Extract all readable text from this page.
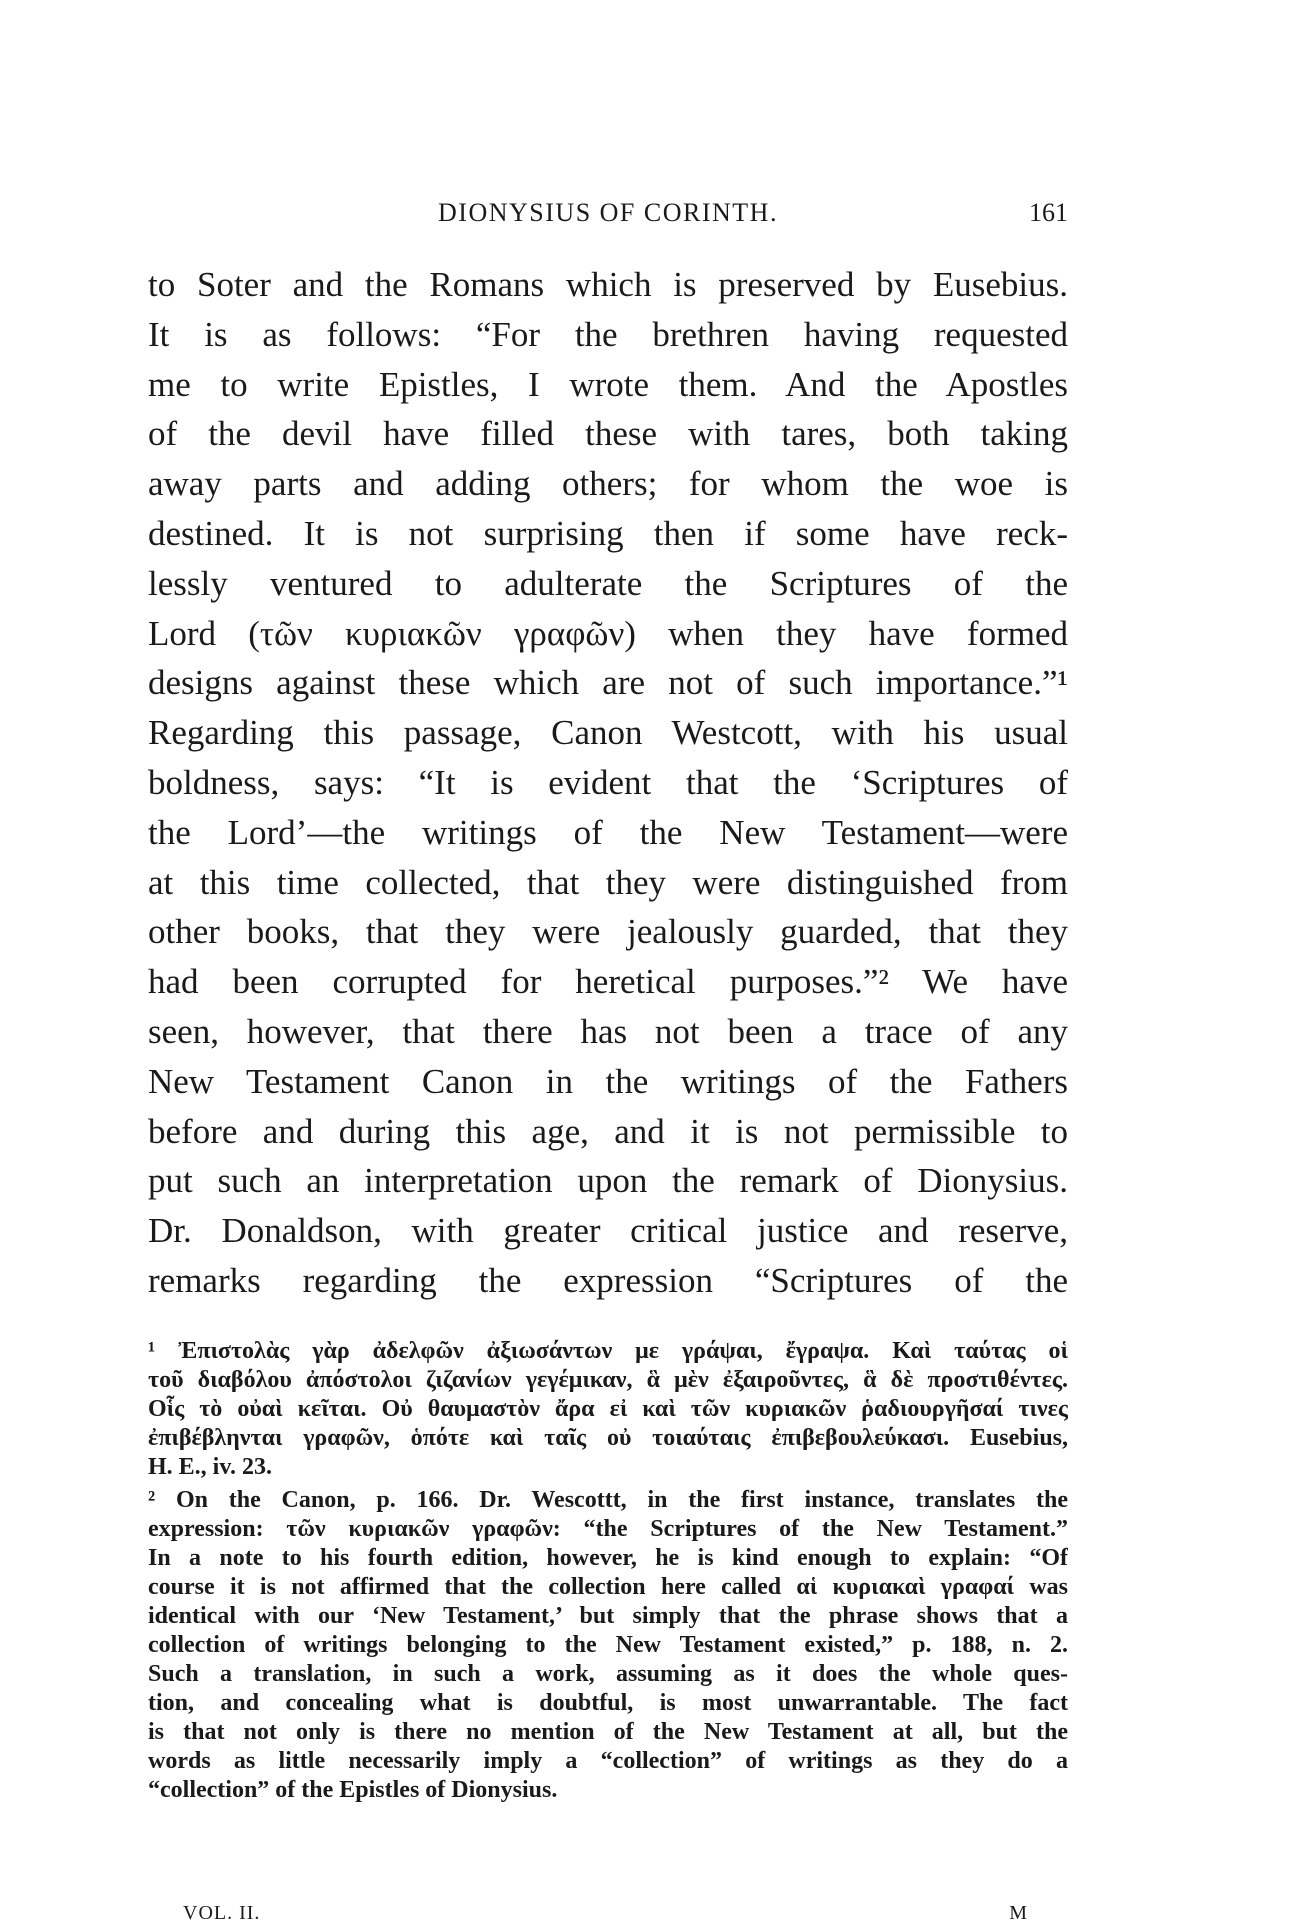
DIONYSIUS OF CORINTH.	161
to Soter and the Romans which is preserved by Eusebius.
It is as follows: “For the brethren having requested
me to write Epistles, I wrote them. And the Apostles
of the devil have filled these with tares, both taking
away parts and adding others; for whom the woe is
destined. It is not surprising then if some have reck-
lessly ventured to adulterate the Scriptures of the
Lord (τῶν κυριακῶν γραφῶν) when they have formed
designs against these which are not of such importance.”¹
Regarding this passage, Canon Westcott, with his usual
boldness, says: “It is evident that the ‘Scriptures of
the Lord’—the writings of the New Testament—were
at this time collected, that they were distinguished from
other books, that they were jealously guarded, that they
had been corrupted for heretical purposes.”² We have
seen, however, that there has not been a trace of any
New Testament Canon in the writings of the Fathers
before and during this age, and it is not permissible to
put such an interpretation upon the remark of Dionysius.
Dr. Donaldson, with greater critical justice and reserve,
remarks regarding the expression “Scriptures of the
¹ Ἐπιστολὰς γὰρ ἀδελφῶν ἀξιωσάντων με γράψαι, ἔγραψα. Καὶ ταύτας οἱ
τοῦ διαβόλου ἀπόστολοι ζιζανίων γεγέμικαν, ἃ μὲν ἐξαιροῦντες, ἃ δὲ προστιθέντες.
Οἷς τὸ οὐαὶ κεῖται. Οὐ θαυμαστὸν ἄρα εἰ καὶ τῶν κυριακῶν ῥαδιουργῆσαί τινες
ἐπιβέβληνται γραφῶν, ὁπότε καὶ ταῖς οὐ τοιαύταις ἐπιβεβουλεύκασι. Eusebius,
H. E., iv. 23.
² On the Canon, p. 166. Dr. Wescottt, in the first instance, translates the
expression: τῶν κυριακῶν γραφῶν: “the Scriptures of the New Testament.”
In a note to his fourth edition, however, he is kind enough to explain: “Of
course it is not affirmed that the collection here called αἱ κυριακαὶ γραφαί was
identical with our ‘New Testament,’ but simply that the phrase shows that a
collection of writings belonging to the New Testament existed,” p. 188, n. 2.
Such a translation, in such a work, assuming as it does the whole ques-
tion, and concealing what is doubtful, is most unwarrantable. The fact
is that not only is there no mention of the New Testament at all, but the
words as little necessarily imply a “collection” of writings as they do a
“collection” of the Epistles of Dionysius.
VOL. II.	M
